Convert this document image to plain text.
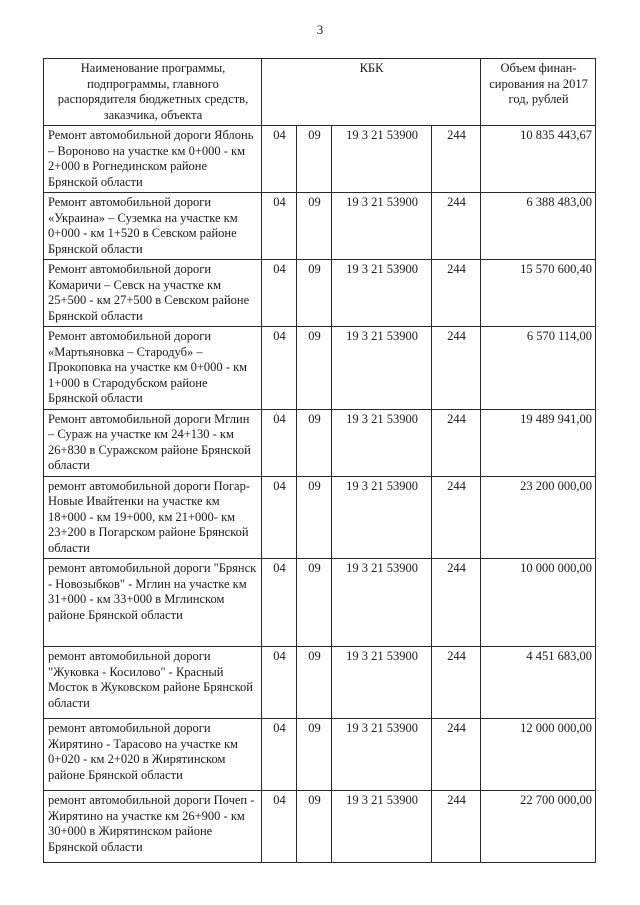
3
Наименование программы, подпрограммы, главного распорядителя бюджетных средств, заказчика, объекта	КБК				Объем финан-сирования на 2017 год, рублей
Ремонт автомобильной дороги Яблонь – Вороново на участке км 0+000 - км 2+000 в Рогнединском районе Брянской области	04	09	19 3 21 53900	244	10 835 443,67
Ремонт автомобильной дороги «Украина» – Суземка на участке км 0+000 - км 1+520 в Севском районе Брянской области	04	09	19 3 21 53900	244	6 388 483,00
Ремонт автомобильной дороги Комаричи – Севск на участке км 25+500 - км 27+500 в Севском районе Брянской области	04	09	19 3 21 53900	244	15 570 600,40
Ремонт автомобильной дороги «Мартьяновка – Стародуб» – Прокоповка на участке км 0+000 - км 1+000 в Стародубском районе Брянской области	04	09	19 3 21 53900	244	6 570 114,00
Ремонт автомобильной дороги Мглин – Сураж на участке км 24+130 - км 26+830 в Суражском районе Брянской области	04	09	19 3 21 53900	244	19 489 941,00
ремонт автомобильной дороги Погар-Новые Ивайтенки на участке км 18+000 - км 19+000, км 21+000- км 23+200 в Погарском районе Брянской области	04	09	19 3 21 53900	244	23 200 000,00
ремонт автомобильной дороги "Брянск - Новозыбков" - Мглин на участке км 31+000 - км 33+000 в Мглинском районе Брянской области	04	09	19 3 21 53900	244	10 000 000,00
ремонт автомобильной дороги "Жуковка - Косилово" - Красный Мосток в Жуковском районе Брянской области	04	09	19 3 21 53900	244	4 451 683,00
ремонт автомобильной дороги Жирятино - Тарасово на участке км 0+020 - км 2+020 в Жирятинском районе Брянской области	04	09	19 3 21 53900	244	12 000 000,00
ремонт автомобильной дороги Почеп - Жирятино на участке км 26+900 - км 30+000 в Жирятинском районе Брянской области	04	09	19 3 21 53900	244	22 700 000,00
